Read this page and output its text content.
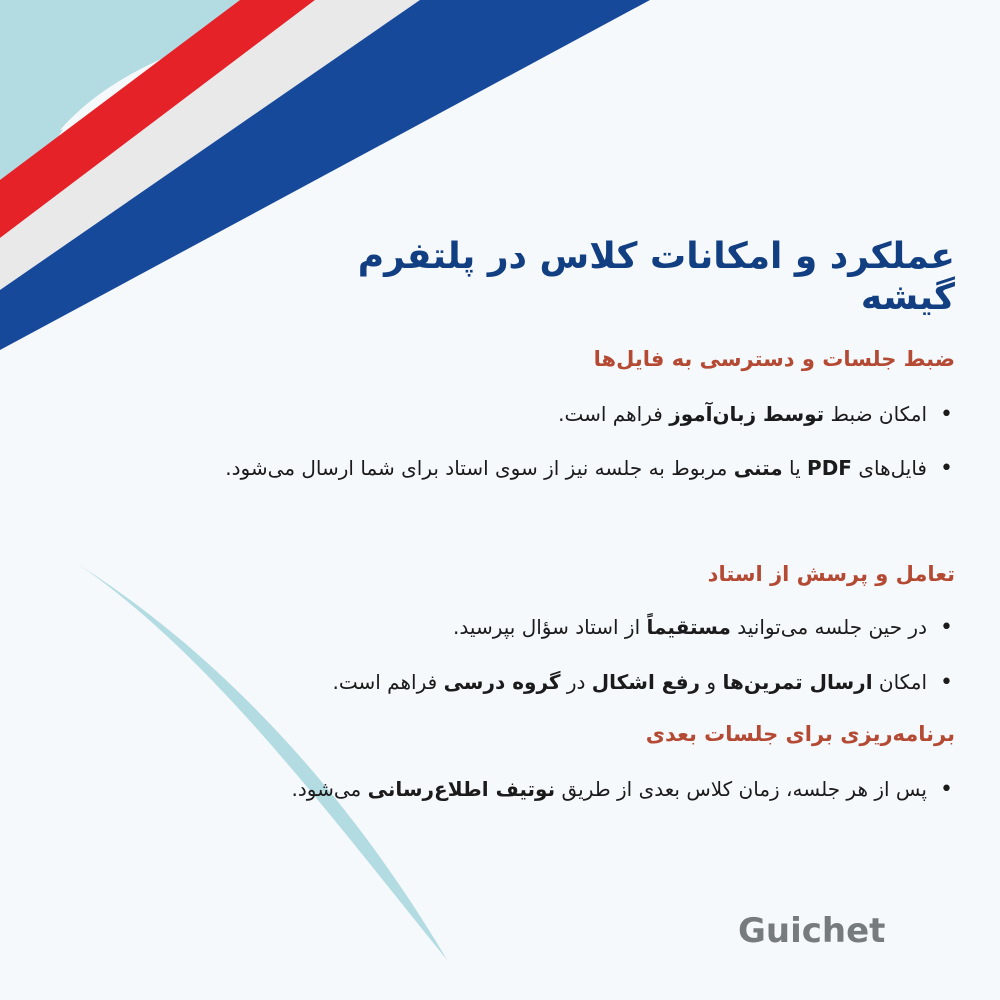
عملکرد و امکانات کلاس در پلتفرم گیشه
ضبط جلسات و دسترسی به فایل‌ها

•امکان ضبط توسط زبان‌آموز فراهم است.

•فایل‌های PDF یا متنی مربوط به جلسه نیز از سوی استاد برای شما ارسال می‌شود.

تعامل و پرسش از استاد

•در حین جلسه می‌توانید مستقیماً از استاد سؤال بپرسید.

•امکان ارسال تمرین‌ها و رفع اشکال در گروه درسی فراهم است.

برنامه‌ریزی برای جلسات بعدی

•پس از هر جلسه، زمان کلاس بعدی از طریق نوتیف اطلاع‌رسانی می‌شود.

Guichet
